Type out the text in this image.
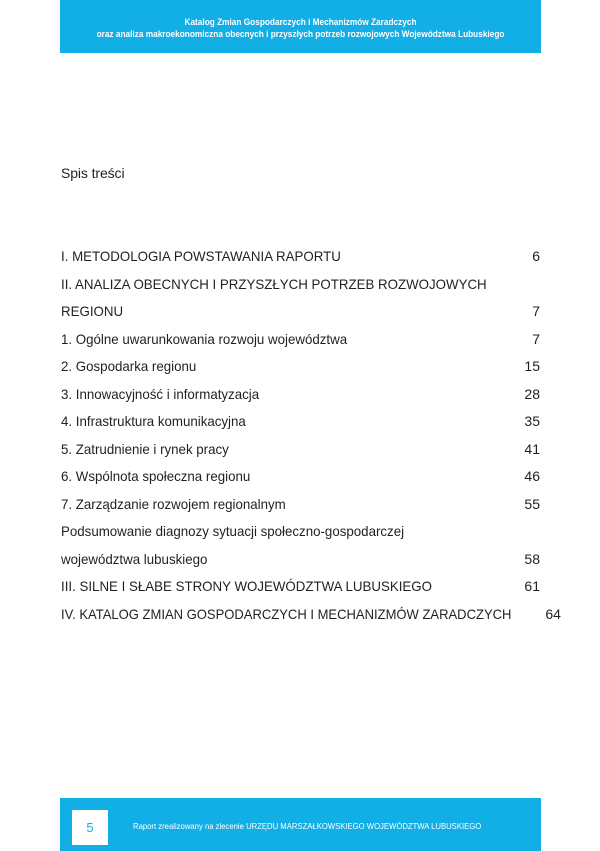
Katalog Zmian Gospodarczych i Mechanizmów Zaradczych
oraz analiza makroekonomiczna obecnych i przyszłych potrzeb rozwojowych Województwa Lubuskiego
Spis treści
I. METODOLOGIA POWSTAWANIA RAPORTU	6
II. ANALIZA OBECNYCH I PRZYSZŁYCH POTRZEB ROZWOJOWYCH
REGIONU	7
1. Ogólne uwarunkowania rozwoju województwa	7
2. Gospodarka regionu	15
3. Innowacyjność i informatyzacja	28
4. Infrastruktura komunikacyjna	35
5. Zatrudnienie i rynek pracy	41
6. Wspólnota społeczna regionu	46
7. Zarządzanie rozwojem regionalnym	55
Podsumowanie diagnozy sytuacji społeczno-gospodarczej
województwa lubuskiego	58
III. SILNE I SŁABE STRONY WOJEWÓDZTWA LUBUSKIEGO	61
IV. KATALOG ZMIAN GOSPODARCZYCH I MECHANIZMÓW ZARADCZYCH 64
5	Raport zrealizowany na zlecenie URZĘDU MARSZAŁKOWSKIEGO WOJEWÓDZTWA LUBUSKIEGO
